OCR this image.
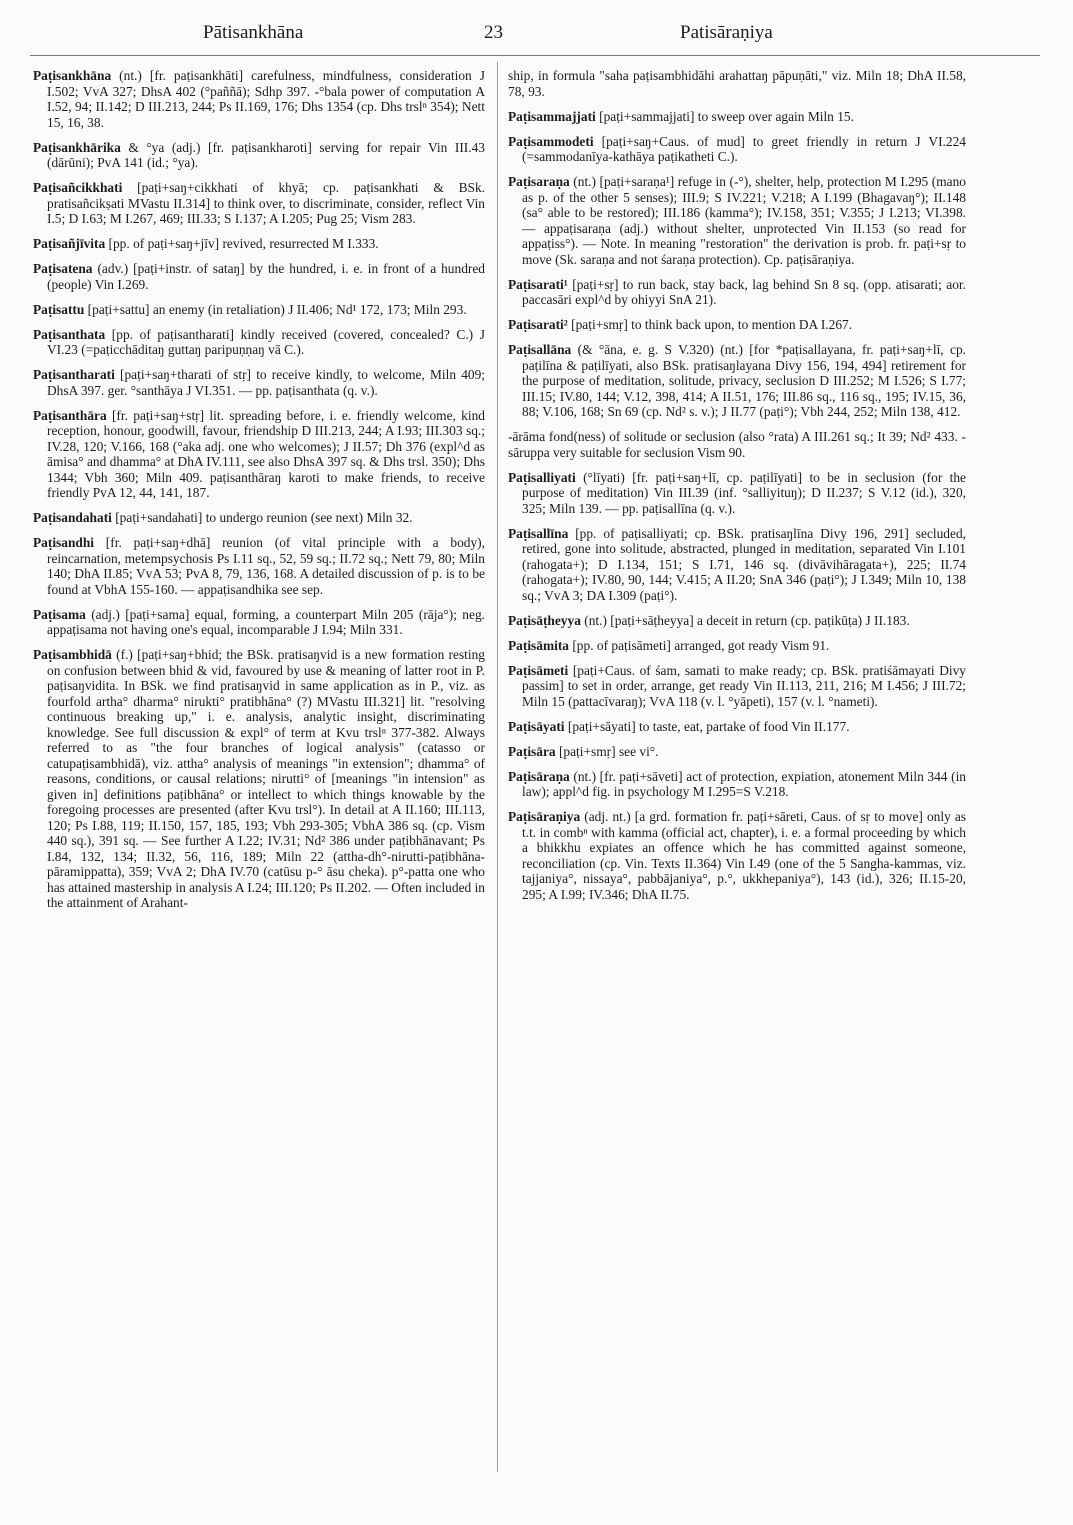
Pātisankhāna	23	Patisāraṇiya

Paṭisankhāna (nt.) [fr. paṭisankhāti] carefulness, mindfulness, consideration J I.502; VvA 327; DhsA 402 (°paññā); Sdhp 397. -°bala power of computation A I.52, 94; II.142; D III.213, 244; Ps II.169, 176; Dhs 1354 (cp. Dhs trslⁿ 354); Nett 15, 16, 38.

Paṭisankhārika & °ya (adj.) [fr. paṭisankharoti] serving for repair Vin III.43 (dārūni); PvA 141 (id.; °ya).

Paṭisañcikkhati [paṭi+saŋ+cikkhati of khyā; cp. paṭisankhati & BSk. pratisañcikṣati MVastu II.314] to think over, to discriminate, consider, reflect Vin I.5; D I.63; M I.267, 469; III.33; S I.137; A I.205; Pug 25; Vism 283.

Paṭisañjīvita [pp. of paṭi+saŋ+jīv] revived, resurrected M I.333.

Paṭisatena (adv.) [paṭi+instr. of sataŋ] by the hundred, i. e. in front of a hundred (people) Vin I.269.

Paṭisattu [paṭi+sattu] an enemy (in retaliation) J II.406; Nd¹ 172, 173; Miln 293.

Paṭisanthata [pp. of paṭisantharati] kindly received (covered, concealed? C.) J VI.23 (=paṭicchāditaŋ guttaŋ paripuṇṇaŋ vā C.).

Paṭisantharati [paṭi+saŋ+tharati of stṛ] to receive kindly, to welcome, Miln 409; DhsA 397. ger. °santhāya J VI.351. — pp. paṭisanthata (q. v.).

Paṭisanthāra [fr. paṭi+saŋ+stṛ] lit. spreading before, i. e. friendly welcome, kind reception, honour, goodwill, favour, friendship D III.213, 244; A I.93; III.303 sq.; IV.28, 120; V.166, 168 (°aka adj. one who welcomes); J II.57; Dh 376 (expl^d as āmisa° and dhamma° at DhA IV.111, see also DhsA 397 sq. & Dhs trsl. 350); Dhs 1344; Vbh 360; Miln 409. paṭisanthāraŋ karoti to make friends, to receive friendly PvA 12, 44, 141, 187.

Paṭisandahati [paṭi+sandahati] to undergo reunion (see next) Miln 32.

Paṭisandhi [fr. paṭi+saŋ+dhā] reunion (of vital principle with a body), reincarnation, metempsychosis Ps I.11 sq., 52, 59 sq.; II.72 sq.; Nett 79, 80; Miln 140; DhA II.85; VvA 53; PvA 8, 79, 136, 168. A detailed discussion of p. is to be found at VbhA 155-160. — appaṭisandhika see sep.

Paṭisama (adj.) [paṭi+sama] equal, forming, a counterpart Miln 205 (rāja°); neg. appaṭisama not having one's equal, incomparable J I.94; Miln 331.

Paṭisambhidā (f.) [paṭi+saŋ+bhid; the BSk. pratisaŋvid is a new formation resting on confusion between bhid & vid, favoured by use & meaning of latter root in P. paṭisaŋvidita. In BSk. we find pratisaŋvid in same application as in P., viz. as fourfold artha° dharma° nirukti° pratibhāna° (?) MVastu III.321] lit. "resolving continuous breaking up," i. e. analysis, analytic insight, discriminating knowledge. See full discussion & expl° of term at Kvu trslⁿ 377-382. Always referred to as "the four branches of logical analysis" (catasso or catupaṭisambhidā), viz. attha° analysis of meanings "in extension"; dhamma° of reasons, conditions, or causal relations; nirutti° of [meanings "in intension" as given in] definitions paṭibhāna° or intellect to which things knowable by the foregoing processes are presented (after Kvu trsl°). In detail at A II.160; III.113, 120; Ps I.88, 119; II.150, 157, 185, 193; Vbh 293-305; VbhA 386 sq. (cp. Vism 440 sq.), 391 sq. — See further A I.22; IV.31; Nd² 386 under paṭibhānavant; Ps I.84, 132, 134; II.32, 56, 116, 189; Miln 22 (attha-dh°-nirutti-paṭibhāna-pāramippatta), 359; VvA 2; DhA IV.70 (catūsu p-° āsu cheka). p°-patta one who has attained mastership in analysis A I.24; III.120; Ps II.202. — Often included in the attainment of Arahant-

ship, in formula "saha paṭisambhidāhi arahattaŋ pāpuṇāti," viz. Miln 18; DhA II.58, 78, 93.

Paṭisammajjati [paṭi+sammajjati] to sweep over again Miln 15.

Paṭisammodeti [paṭi+saŋ+Caus. of mud] to greet friendly in return J VI.224 (=sammodanīya-kathāya paṭikatheti C.).

Paṭisaraṇa (nt.) [paṭi+saraṇa¹] refuge in (-°), shelter, help, protection M I.295 (mano as p. of the other 5 senses); III.9; S IV.221; V.218; A I.199 (Bhagavaŋ°); II.148 (sa° able to be restored); III.186 (kamma°); IV.158, 351; V.355; J I.213; VI.398. — appaṭisaraṇa (adj.) without shelter, unprotected Vin II.153 (so read for appaṭiss°). — Note. In meaning "restoration" the derivation is prob. fr. paṭi+sṛ to move (Sk. saraṇa and not śaraṇa protection). Cp. paṭisāraṇiya.

Paṭisarati¹ [paṭi+sṛ] to run back, stay back, lag behind Sn 8 sq. (opp. atisarati; aor. paccasāri expl^d by ohiyyi SnA 21).

Paṭisarati² [paṭi+smṛ] to think back upon, to mention DA I.267.

Paṭisallāna (& °āna, e. g. S V.320) (nt.) [for *paṭisallayana, fr. paṭi+saŋ+lī, cp. paṭilīna & paṭilīyati, also BSk. pratisaŋlayana Divy 156, 194, 494] retirement for the purpose of meditation, solitude, privacy, seclusion D III.252; M I.526; S I.77; III.15; IV.80, 144; V.12, 398, 414; A II.51, 176; III.86 sq., 116 sq., 195; IV.15, 36, 88; V.106, 168; Sn 69 (cp. Nd² s. v.); J II.77 (paṭi°); Vbh 244, 252; Miln 138, 412.

-ārāma fond(ness) of solitude or seclusion (also °rata) A III.261 sq.; It 39; Nd² 433. -sāruppa very suitable for seclusion Vism 90.

Paṭisalliyati (°līyati) [fr. paṭi+saŋ+lī, cp. paṭilīyati] to be in seclusion (for the purpose of meditation) Vin III.39 (inf. °salliyituŋ); D II.237; S V.12 (id.), 320, 325; Miln 139. — pp. paṭisallīna (q. v.).

Paṭisallīna [pp. of paṭisalliyati; cp. BSk. pratisaŋlīna Divy 196, 291] secluded, retired, gone into solitude, abstracted, plunged in meditation, separated Vin I.101 (rahogata+); D I.134, 151; S I.71, 146 sq. (divāvihāragata+), 225; II.74 (rahogata+); IV.80, 90, 144; V.415; A II.20; SnA 346 (paṭi°); J I.349; Miln 10, 138 sq.; VvA 3; DA I.309 (paṭi°).

Paṭisāṭheyya (nt.) [paṭi+sāṭheyya] a deceit in return (cp. paṭikūṭa) J II.183.

Paṭisāmita [pp. of paṭisāmeti] arranged, got ready Vism 91.

Paṭisāmeti [paṭi+Caus. of śam, samati to make ready; cp. BSk. pratiśāmayati Divy passim] to set in order, arrange, get ready Vin II.113, 211, 216; M I.456; J III.72; Miln 15 (pattacīvaraŋ); VvA 118 (v. l. °yāpeti), 157 (v. l. °nameti).

Paṭisāyati [paṭi+sāyati] to taste, eat, partake of food Vin II.177.

Paṭisāra [paṭi+smṛ] see vi°.

Paṭisāraṇa (nt.) [fr. paṭi+sāveti] act of protection, expiation, atonement Miln 344 (in law); appl^d fig. in psychology M I.295=S V.218.

Paṭisāraṇiya (adj. nt.) [a grd. formation fr. paṭi+sāreti, Caus. of sṛ to move] only as t.t. in combⁿ with kamma (official act, chapter), i. e. a formal proceeding by which a bhikkhu expiates an offence which he has committed against someone, reconciliation (cp. Vin. Texts II.364) Vin I.49 (one of the 5 Sangha-kammas, viz. tajjaniya°, nissaya°, pabbājaniya°, p.°, ukkhepaniya°), 143 (id.), 326; II.15-20, 295; A I.99; IV.346; DhA II.75.
